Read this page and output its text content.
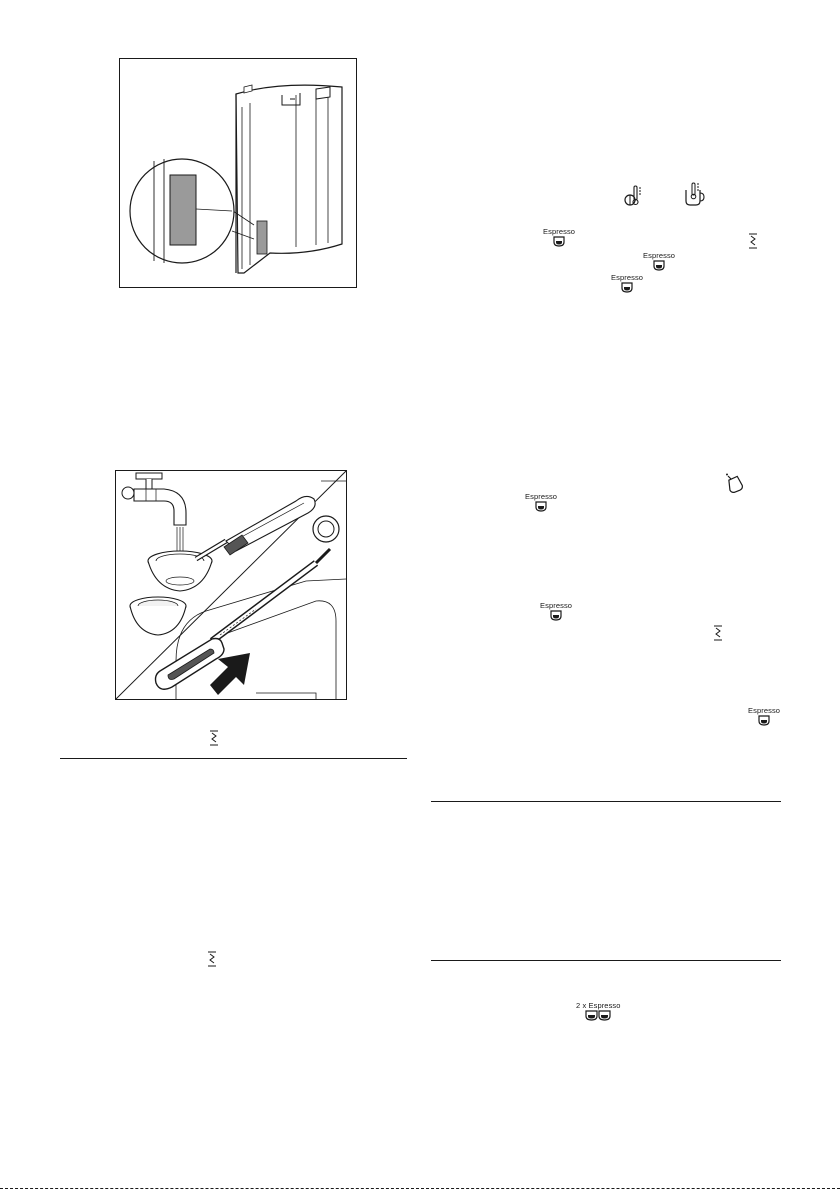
Espresso
Espresso
Espresso
Espresso
Espresso
Espresso
2 x Espresso
